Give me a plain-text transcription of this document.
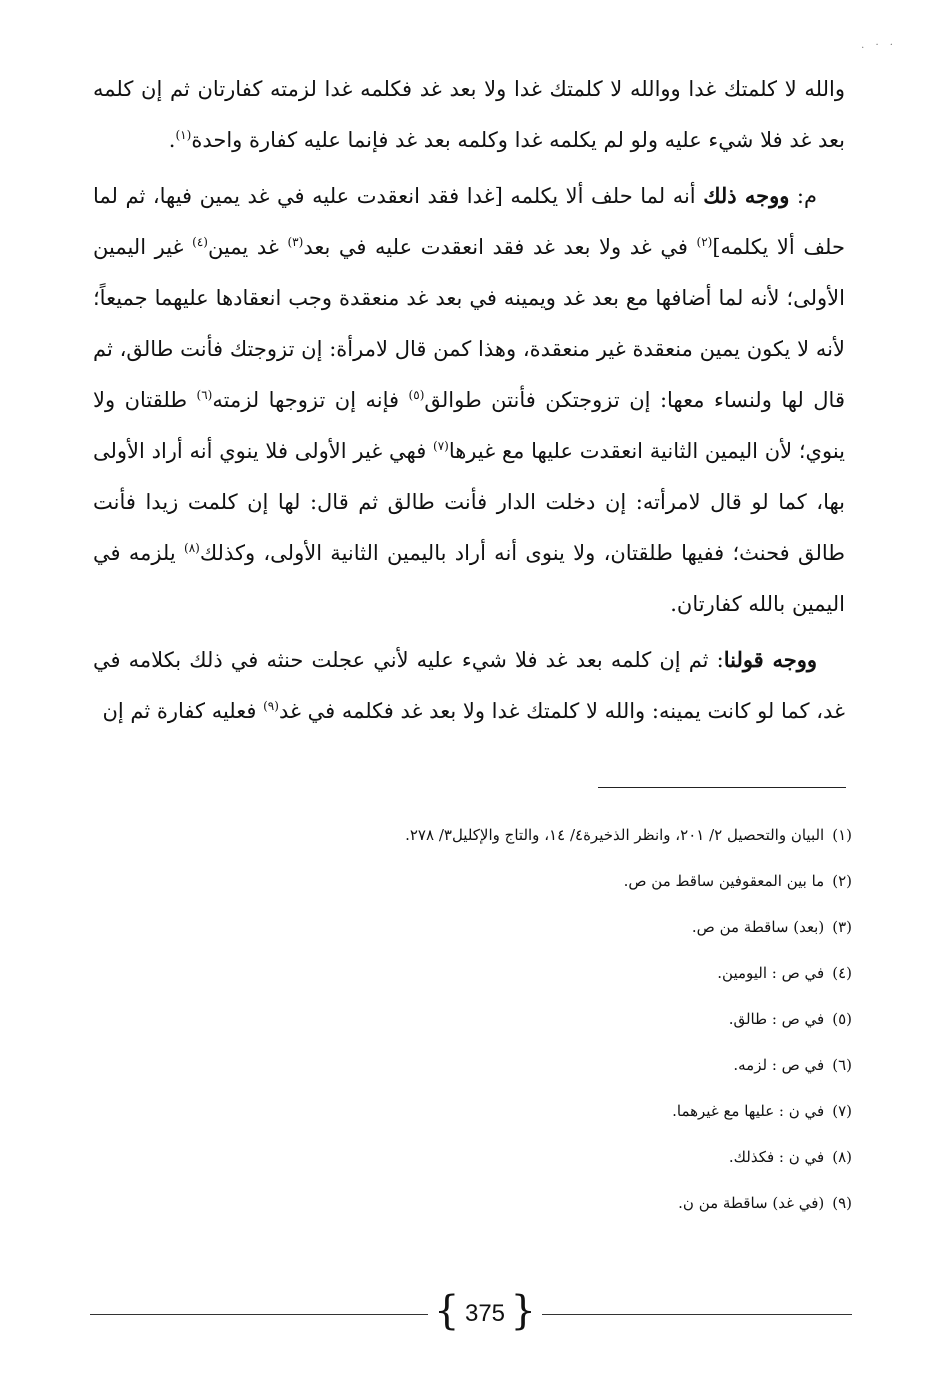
. · ·

والله لا كلمتك غدا ووالله لا كلمتك غدا ولا بعد غد فكلمه غدا لزمته كفارتان ثم إن كلمه بعد غد فلا شيء عليه ولو لم يكلمه غدا وكلمه بعد غد فإنما عليه كفارة واحدة$^{(١)}$.

م: ووجه ذلك أنه لما حلف ألا يكلمه [غدا فقد انعقدت عليه في غد يمين فيها، ثم لما حلف ألا يكلمه]$^{(٢)}$ في غد ولا بعد غد فقد انعقدت عليه في بعد$^{(٣)}$ غد يمين$^{(٤)}$ غير اليمين الأولى؛ لأنه لما أضافها مع بعد غد ويمينه في بعد غد منعقدة وجب انعقادها عليهما جميعاً؛ لأنه لا يكون يمين منعقدة غير منعقدة، وهذا كمن قال لامرأة: إن تزوجتك فأنت طالق، ثم قال لها ولنساء معها: إن تزوجتكن فأنتن طوالق$^{(٥)}$ فإنه إن تزوجها لزمته$^{(٦)}$ طلقتان ولا ينوي؛ لأن اليمين الثانية انعقدت عليها مع غيرها$^{(٧)}$ فهي غير الأولى فلا ينوي أنه أراد الأولى بها، كما لو قال لامرأته: إن دخلت الدار فأنت طالق ثم قال: لها إن كلمت زيدا فأنت طالق فحنث؛ ففيها طلقتان، ولا ينوى أنه أراد باليمين الثانية الأولى، وكذلك$^{(٨)}$ يلزمه في اليمين بالله كفارتان.

ووجه قولنا: ثم إن كلمه بعد غد فلا شيء عليه لأني عجلت حنثه في ذلك بكلامه في غد، كما لو كانت يمينه: والله لا كلمتك غدا ولا بعد غد فكلمه في غد$^{(٩)}$ فعليه كفارة ثم إن

(١)البيان والتحصيل ٢/ ٢٠١، وانظر الذخيرة٤/ ١٤، والتاج والإكليل٣/ ٢٧٨.
(٢)ما بين المعقوفين ساقط من ص.
(٣)(بعد) ساقطة من ص.
(٤)في ص : اليومين.
(٥)في ص : طالق.
(٦)في ص : لزمه.
(٧)في ن : عليها مع غيرهما.
(٨)في ن : فكذلك.
(٩)(في غد) ساقطة من ن.
{ 375 }
